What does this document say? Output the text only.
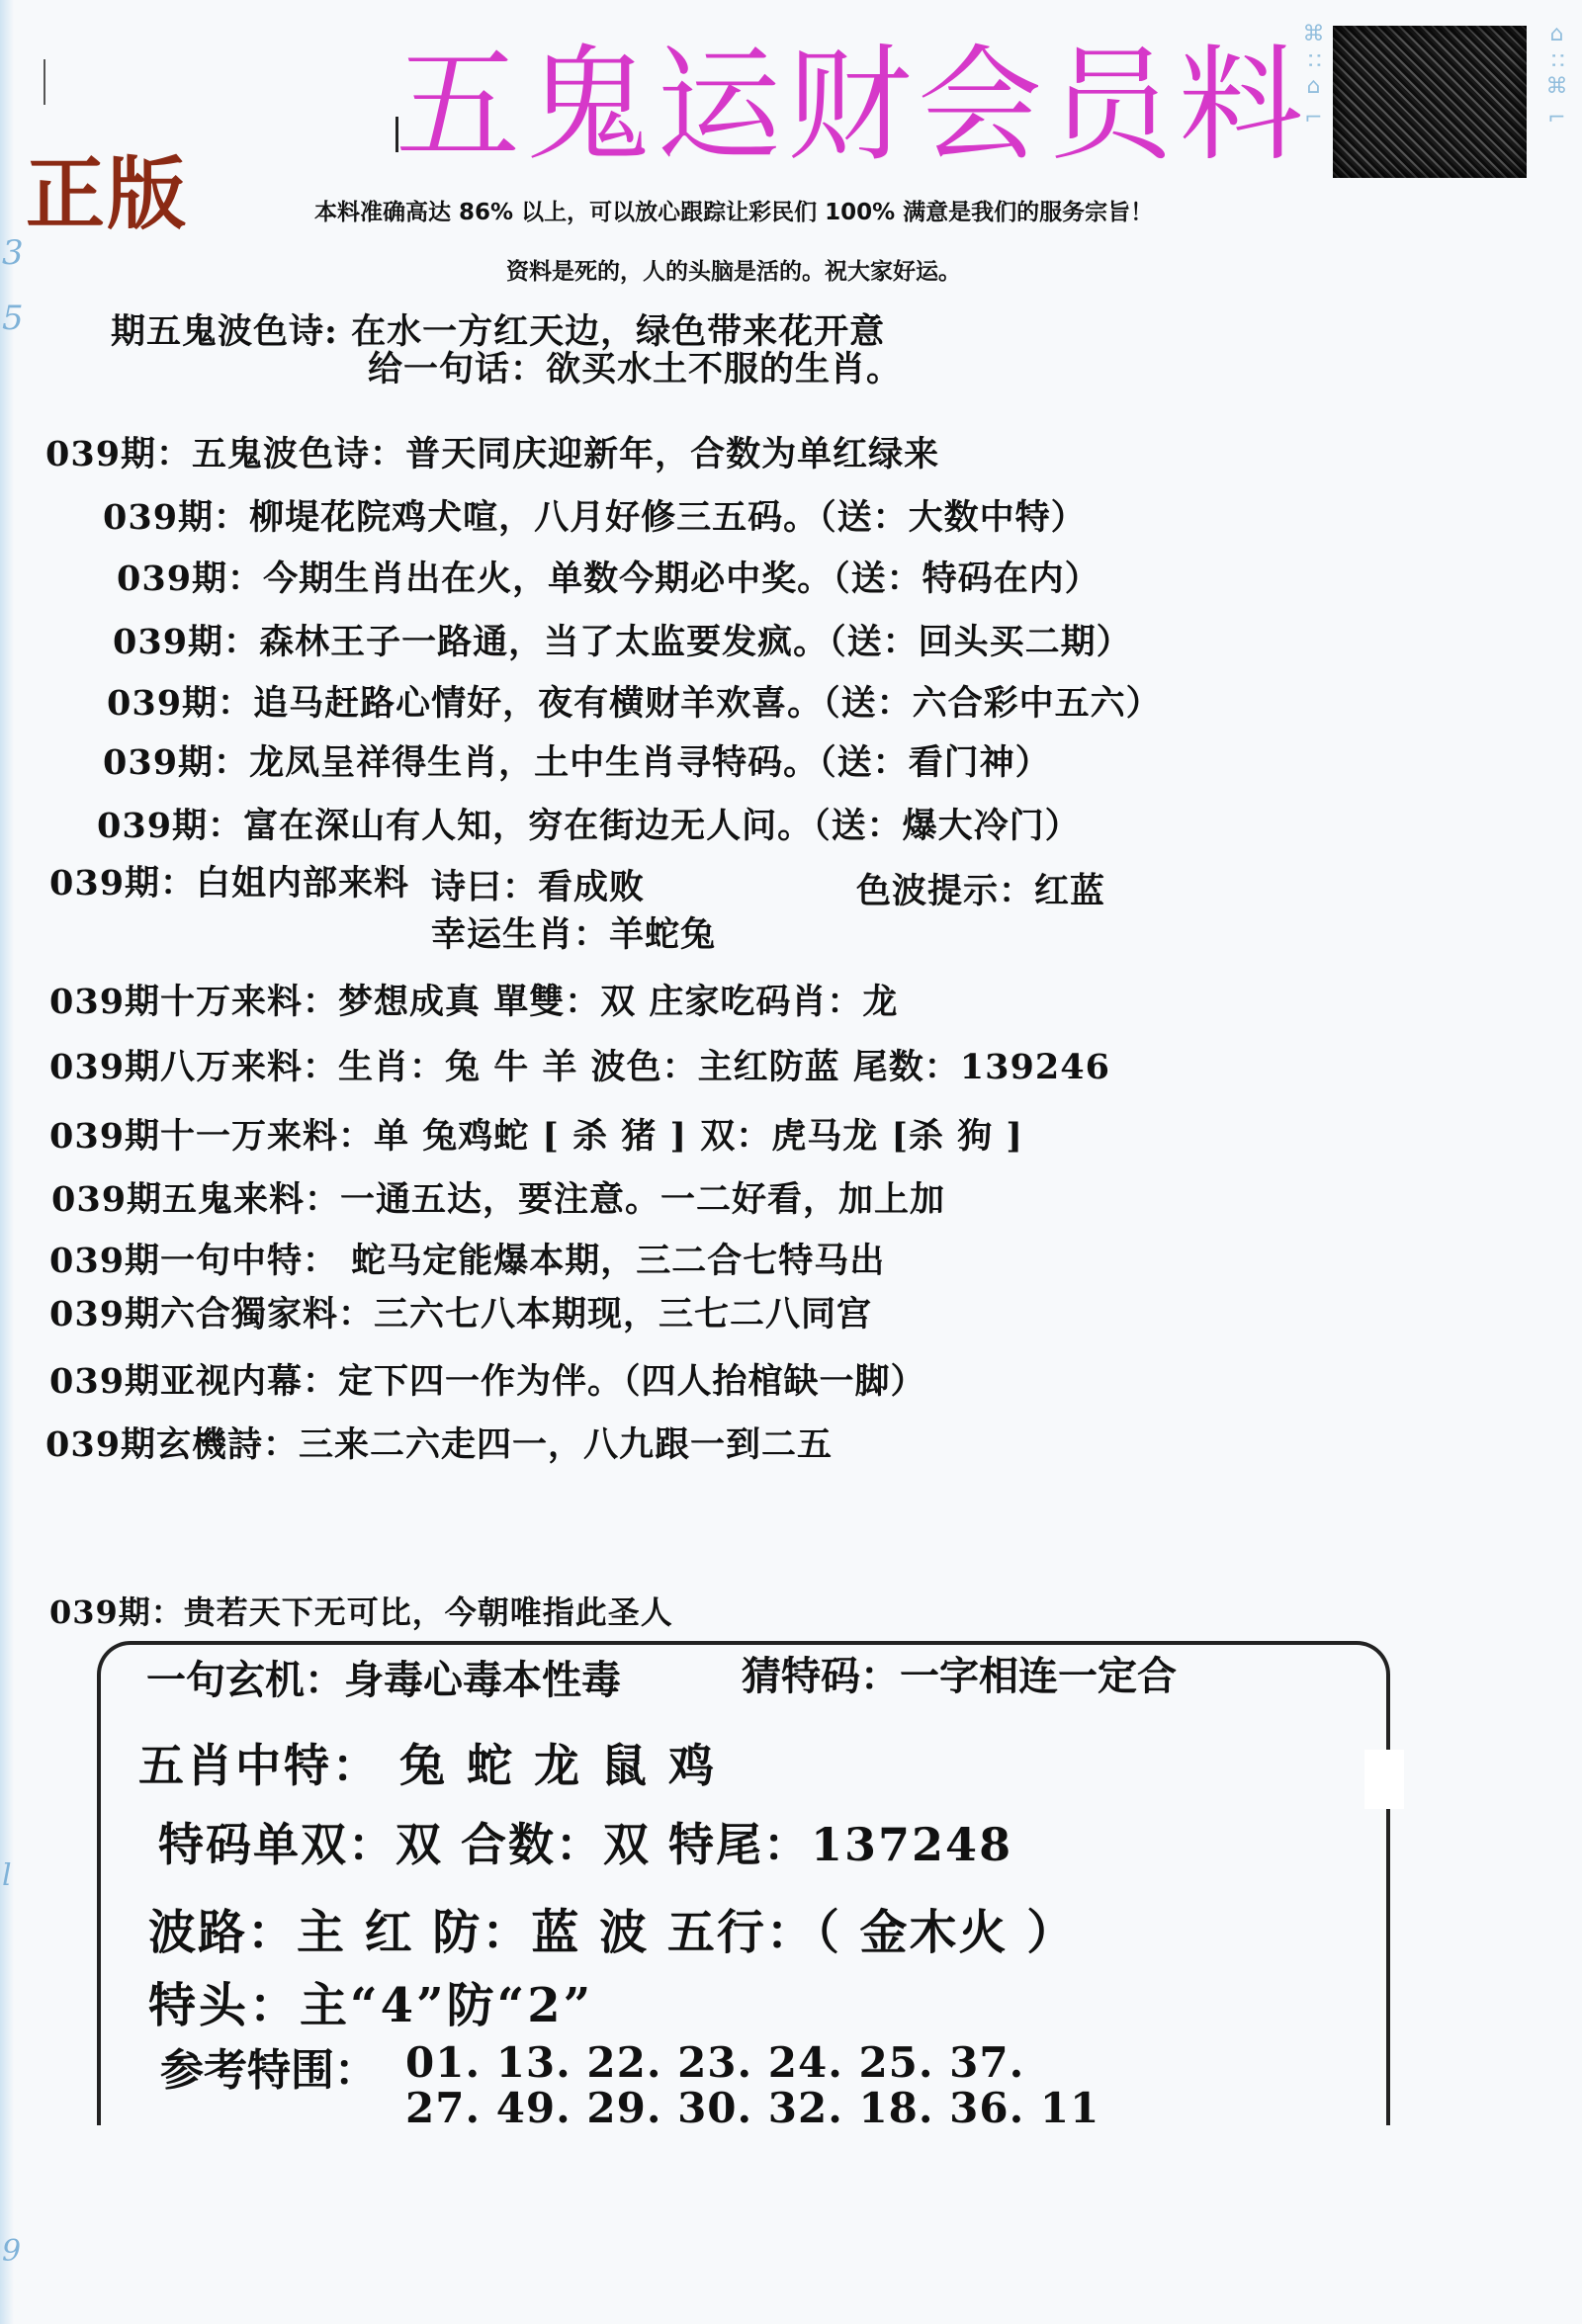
3
5
正版
五鬼运财会员料
⌘ ∷ ⌂ ⌐	⌂ ∷ ⌘ ⌐
本料准确高达 86% 以上，可以放心跟踪让彩民们 100% 满意是我们的服务宗旨！
资料是死的，人的头脑是活的。祝大家好运。
期五鬼波色诗: 在水一方红天边，绿色带来花开意
给一句话：欲买水土不服的生肖。
039期：五鬼波色诗：普天同庆迎新年，合数为单红绿来
039期：柳堤花院鸡犬喧，八月好修三五码。（送：大数中特）
039期：今期生肖出在火，单数今期必中奖。（送：特码在内）
039期：森林王子一路通，当了太监要发疯。（送：回头买二期）
039期：追马赶路心情好，夜有横财羊欢喜。（送：六合彩中五六）
039期：龙凤呈祥得生肖，土中生肖寻特码。（送：看门神）
039期：富在深山有人知，穷在街边无人问。（送：爆大冷门）
039期：白姐内部来料 诗曰：看成败	色波提示：红蓝
幸运生肖：羊蛇兔
039期十万来料：梦想成真 單雙：双 庄家吃码肖：龙
039期八万来料：生肖：兔 牛 羊 波色：主红防蓝 尾数：139246
039期十一万来料：单 兔鸡蛇 [ 杀 猪 ] 双：虎马龙 [杀 狗 ]
039期五鬼来料：一通五达，要注意。一二好看，加上加
039期一句中特： 蛇马定能爆本期，三二合七特马出
039期六合獨家料：三六七八本期现，三七二八同宫
039期亚视内幕：定下四一作为伴。（四人抬棺缺一脚）
039期玄機詩：三来二六走四一，八九跟一到二五
039期：贵若天下无可比，今朝唯指此圣人
一句玄机：身毒心毒本性毒	猜特码：一字相连一定合
五肖中特： 兔 蛇 龙 鼠 鸡
特码单双：双 合数：双 特尾：137248
波路：主 红 防：蓝 波 五行：（ 金木火 ）
特头：主“4”防“2”
参考特围： 01. 13. 22. 23. 24. 25. 37.
27. 49. 29. 30. 32. 18. 36. 11
l
9
